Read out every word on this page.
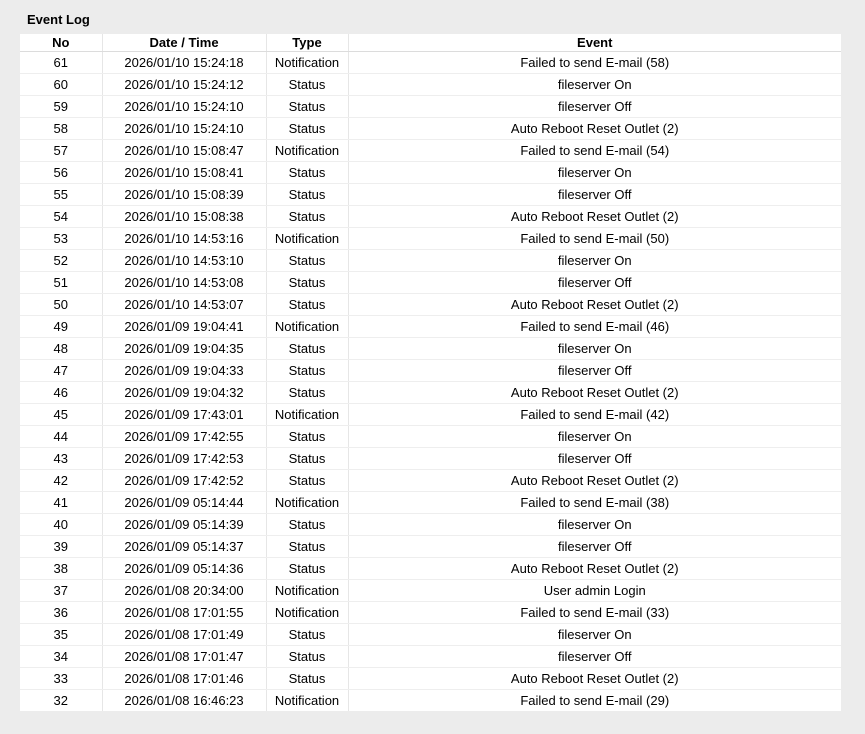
Event Log
No	Date / Time	Type	Event
61	2026/01/10 15:24:18	Notification	Failed to send E-mail (58)
60	2026/01/10 15:24:12	Status	fileserver On
59	2026/01/10 15:24:10	Status	fileserver Off
58	2026/01/10 15:24:10	Status	Auto Reboot Reset Outlet (2)
57	2026/01/10 15:08:47	Notification	Failed to send E-mail (54)
56	2026/01/10 15:08:41	Status	fileserver On
55	2026/01/10 15:08:39	Status	fileserver Off
54	2026/01/10 15:08:38	Status	Auto Reboot Reset Outlet (2)
53	2026/01/10 14:53:16	Notification	Failed to send E-mail (50)
52	2026/01/10 14:53:10	Status	fileserver On
51	2026/01/10 14:53:08	Status	fileserver Off
50	2026/01/10 14:53:07	Status	Auto Reboot Reset Outlet (2)
49	2026/01/09 19:04:41	Notification	Failed to send E-mail (46)
48	2026/01/09 19:04:35	Status	fileserver On
47	2026/01/09 19:04:33	Status	fileserver Off
46	2026/01/09 19:04:32	Status	Auto Reboot Reset Outlet (2)
45	2026/01/09 17:43:01	Notification	Failed to send E-mail (42)
44	2026/01/09 17:42:55	Status	fileserver On
43	2026/01/09 17:42:53	Status	fileserver Off
42	2026/01/09 17:42:52	Status	Auto Reboot Reset Outlet (2)
41	2026/01/09 05:14:44	Notification	Failed to send E-mail (38)
40	2026/01/09 05:14:39	Status	fileserver On
39	2026/01/09 05:14:37	Status	fileserver Off
38	2026/01/09 05:14:36	Status	Auto Reboot Reset Outlet (2)
37	2026/01/08 20:34:00	Notification	User admin Login
36	2026/01/08 17:01:55	Notification	Failed to send E-mail (33)
35	2026/01/08 17:01:49	Status	fileserver On
34	2026/01/08 17:01:47	Status	fileserver Off
33	2026/01/08 17:01:46	Status	Auto Reboot Reset Outlet (2)
32	2026/01/08 16:46:23	Notification	Failed to send E-mail (29)
